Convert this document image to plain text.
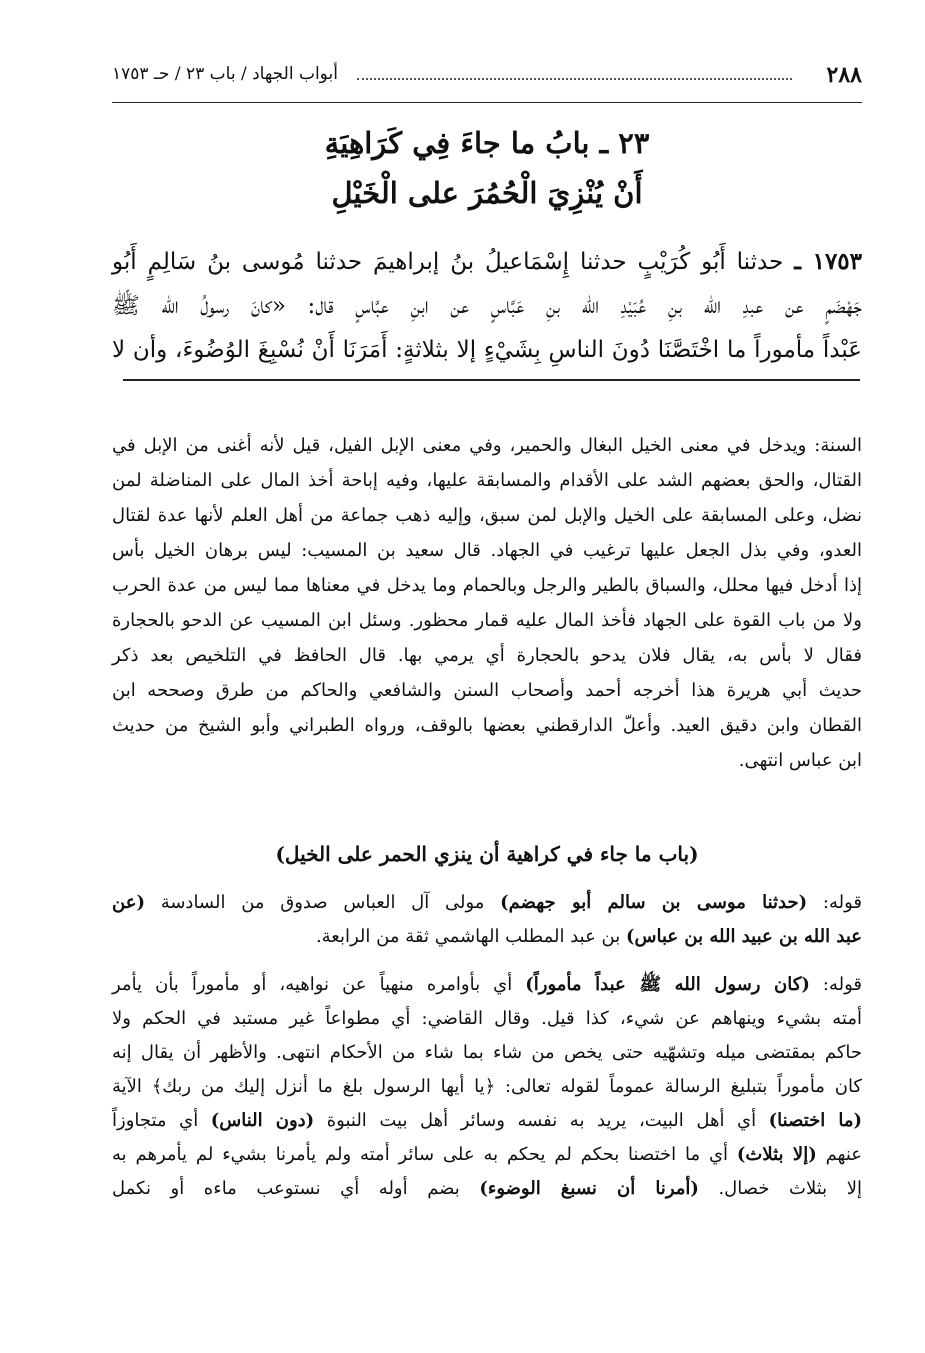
٢٨٨
أبواب الجهاد / باب ٢٣ / حـ ١٧٥٣
٢٣ ـ بابُ ما جاءَ فِي كَرَاهِيَةِ
أَنْ يُنْزِيَ الْحُمُرَ على الْخَيْلِ
١٧٥٣ ـ حدثنا أَبُو كُرَيْبٍ حدثنا إِسْمَاعيلُ بنُ إبراهيمَ حدثنا مُوسى بنُ سَالِمٍ أَبُو
جَهْضَمٍ عن عبدِ الله بنِ عُبَيْدِ الله بنِ عَبَّاسٍ عن ابنِ عبَّاسٍ قال: «كانَ رسولُ الله ﷺ
عَبْداً مأموراً ما اخْتَصَّنَا دُونَ الناسِ بِشَيْءٍ إلا بثلاثةٍ: أَمَرَنَا أَنْ نُسْبِغَ الوُضُوءَ، وأن لا
السنة: ويدخل في معنى الخيل البغال والحمير، وفي معنى الإبل الفيل، قيل لأنه أغنى من الإبل في
القتال، والحق بعضهم الشد على الأقدام والمسابقة عليها، وفيه إباحة أخذ المال على المناضلة لمن
نضل، وعلى المسابقة على الخيل والإبل لمن سبق، وإليه ذهب جماعة من أهل العلم لأنها عدة لقتال
العدو، وفي بذل الجعل عليها ترغيب في الجهاد. قال سعيد بن المسيب: ليس برهان الخيل بأس
إذا أدخل فيها محلل، والسباق بالطير والرجل وبالحمام وما يدخل في معناها مما ليس من عدة الحرب
ولا من باب القوة على الجهاد فأخذ المال عليه قمار محظور. وسئل ابن المسيب عن الدحو بالحجارة
فقال لا بأس به، يقال فلان يدحو بالحجارة أي يرمي بها. قال الحافظ في التلخيص بعد ذكر
حديث أبي هريرة هذا أخرجه أحمد وأصحاب السنن والشافعي والحاكم من طرق وصححه ابن
القطان وابن دقيق العيد. وأعلّ الدارقطني بعضها بالوقف، ورواه الطبراني وأبو الشيخ من حديث
ابن عباس انتهى.
(باب ما جاء في كراهية أن ينزي الحمر على الخيل)
قوله: (حدثنا موسى بن سالم أبو جهضم) مولى آل العباس صدوق من السادسة (عن
عبد الله بن عبيد الله بن عباس) بن عبد المطلب الهاشمي ثقة من الرابعة.
قوله: (كان رسول الله ﷺ عبداً مأموراً) أي بأوامره منهياً عن نواهيه، أو مأموراً بأن يأمر
أمته بشيء وينهاهم عن شيء، كذا قيل. وقال القاضي: أي مطواعاً غير مستبد في الحكم ولا
حاكم بمقتضى ميله وتشهّيه حتى يخص من شاء بما شاء من الأحكام انتهى. والأظهر أن يقال إنه
كان مأموراً بتبليغ الرسالة عموماً لقوله تعالى: ﴿يا أيها الرسول بلغ ما أنزل إليك من ربك﴾ الآية
(ما اختصنا) أي أهل البيت، يريد به نفسه وسائر أهل بيت النبوة (دون الناس) أي متجاوزاً
عنهم (إلا بثلاث) أي ما اختصنا بحكم لم يحكم به على سائر أمته ولم يأمرنا بشيء لم يأمرهم به
إلا بثلاث خصال. (أمرنا أن نسبغ الوضوء) بضم أوله أي نستوعب ماءه أو نكمل
